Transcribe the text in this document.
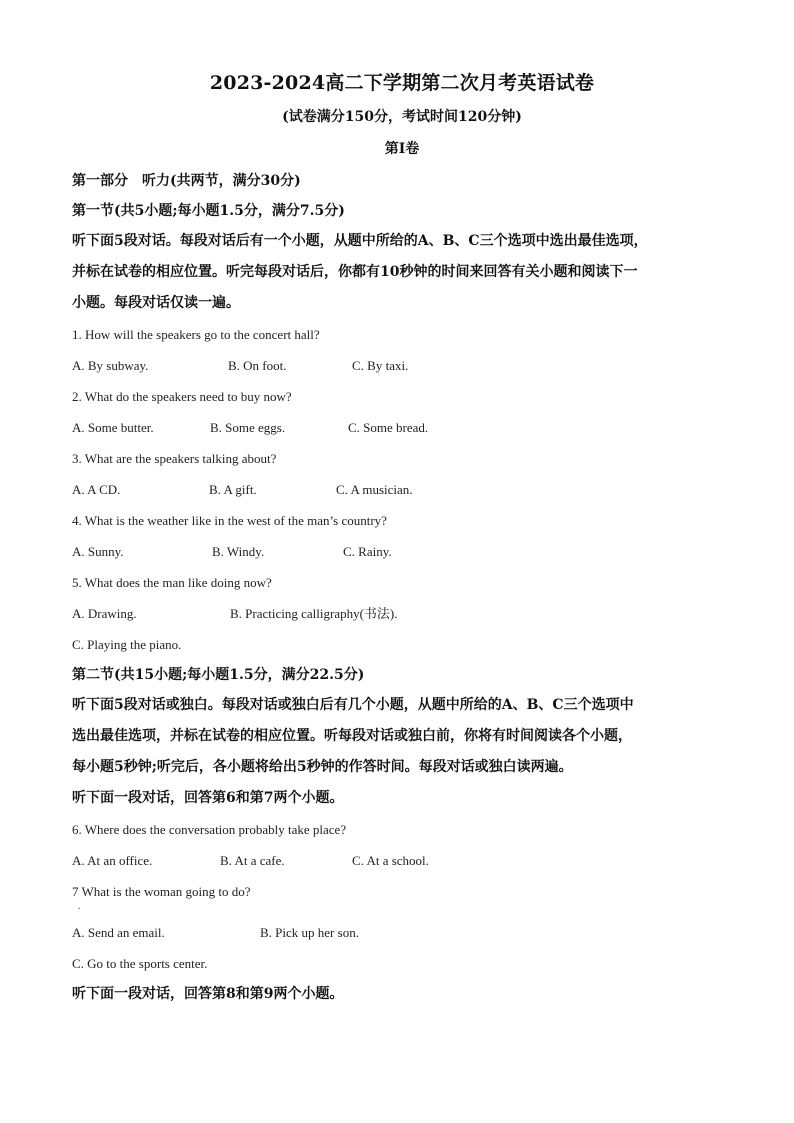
2023-2024高二下学期第二次月考英语试卷
(试卷满分150分，考试时间120分钟)
第I卷
第一部分　听力(共两节，满分30分)
第一节(共5小题;每小题1.5分，满分7.5分)
听下面5段对话。每段对话后有一个小题，从题中所给的A、B、C三个选项中选出最佳选项，
并标在试卷的相应位置。听完每段对话后，你都有10秒钟的时间来回答有关小题和阅读下一
小题。每段对话仅读一遍。
1. How will the speakers go to the concert hall?
A. By subway.	B. On foot.	C. By taxi.
2. What do the speakers need to buy now?
A. Some butter.	B. Some eggs.	C. Some bread.
3. What are the speakers talking about?
A. A CD.	B. A gift.	C. A musician.
4. What is the weather like in the west of the man’s country?
A. Sunny.	B. Windy.	C. Rainy.
5. What does the man like doing now?
A. Drawing.	B. Practicing calligraphy(书法).
C. Playing the piano.
第二节(共15小题;每小题1.5分，满分22.5分)
听下面5段对话或独白。每段对话或独白后有几个小题，从题中所给的A、B、C三个选项中
选出最佳选项，并标在试卷的相应位置。听每段对话或独白前，你将有时间阅读各个小题，
每小题5秒钟;听完后，各小题将给出5秒钟的作答时间。每段对话或独白读两遍。
听下面一段对话，回答第6和第7两个小题。
6. Where does the conversation probably take place?
A. At an office.	B. At a cafe.	C. At a school.
7 What is the woman going to do?
.
A. Send an email.	B. Pick up her son.
C. Go to the sports center.
听下面一段对话，回答第8和第9两个小题。
